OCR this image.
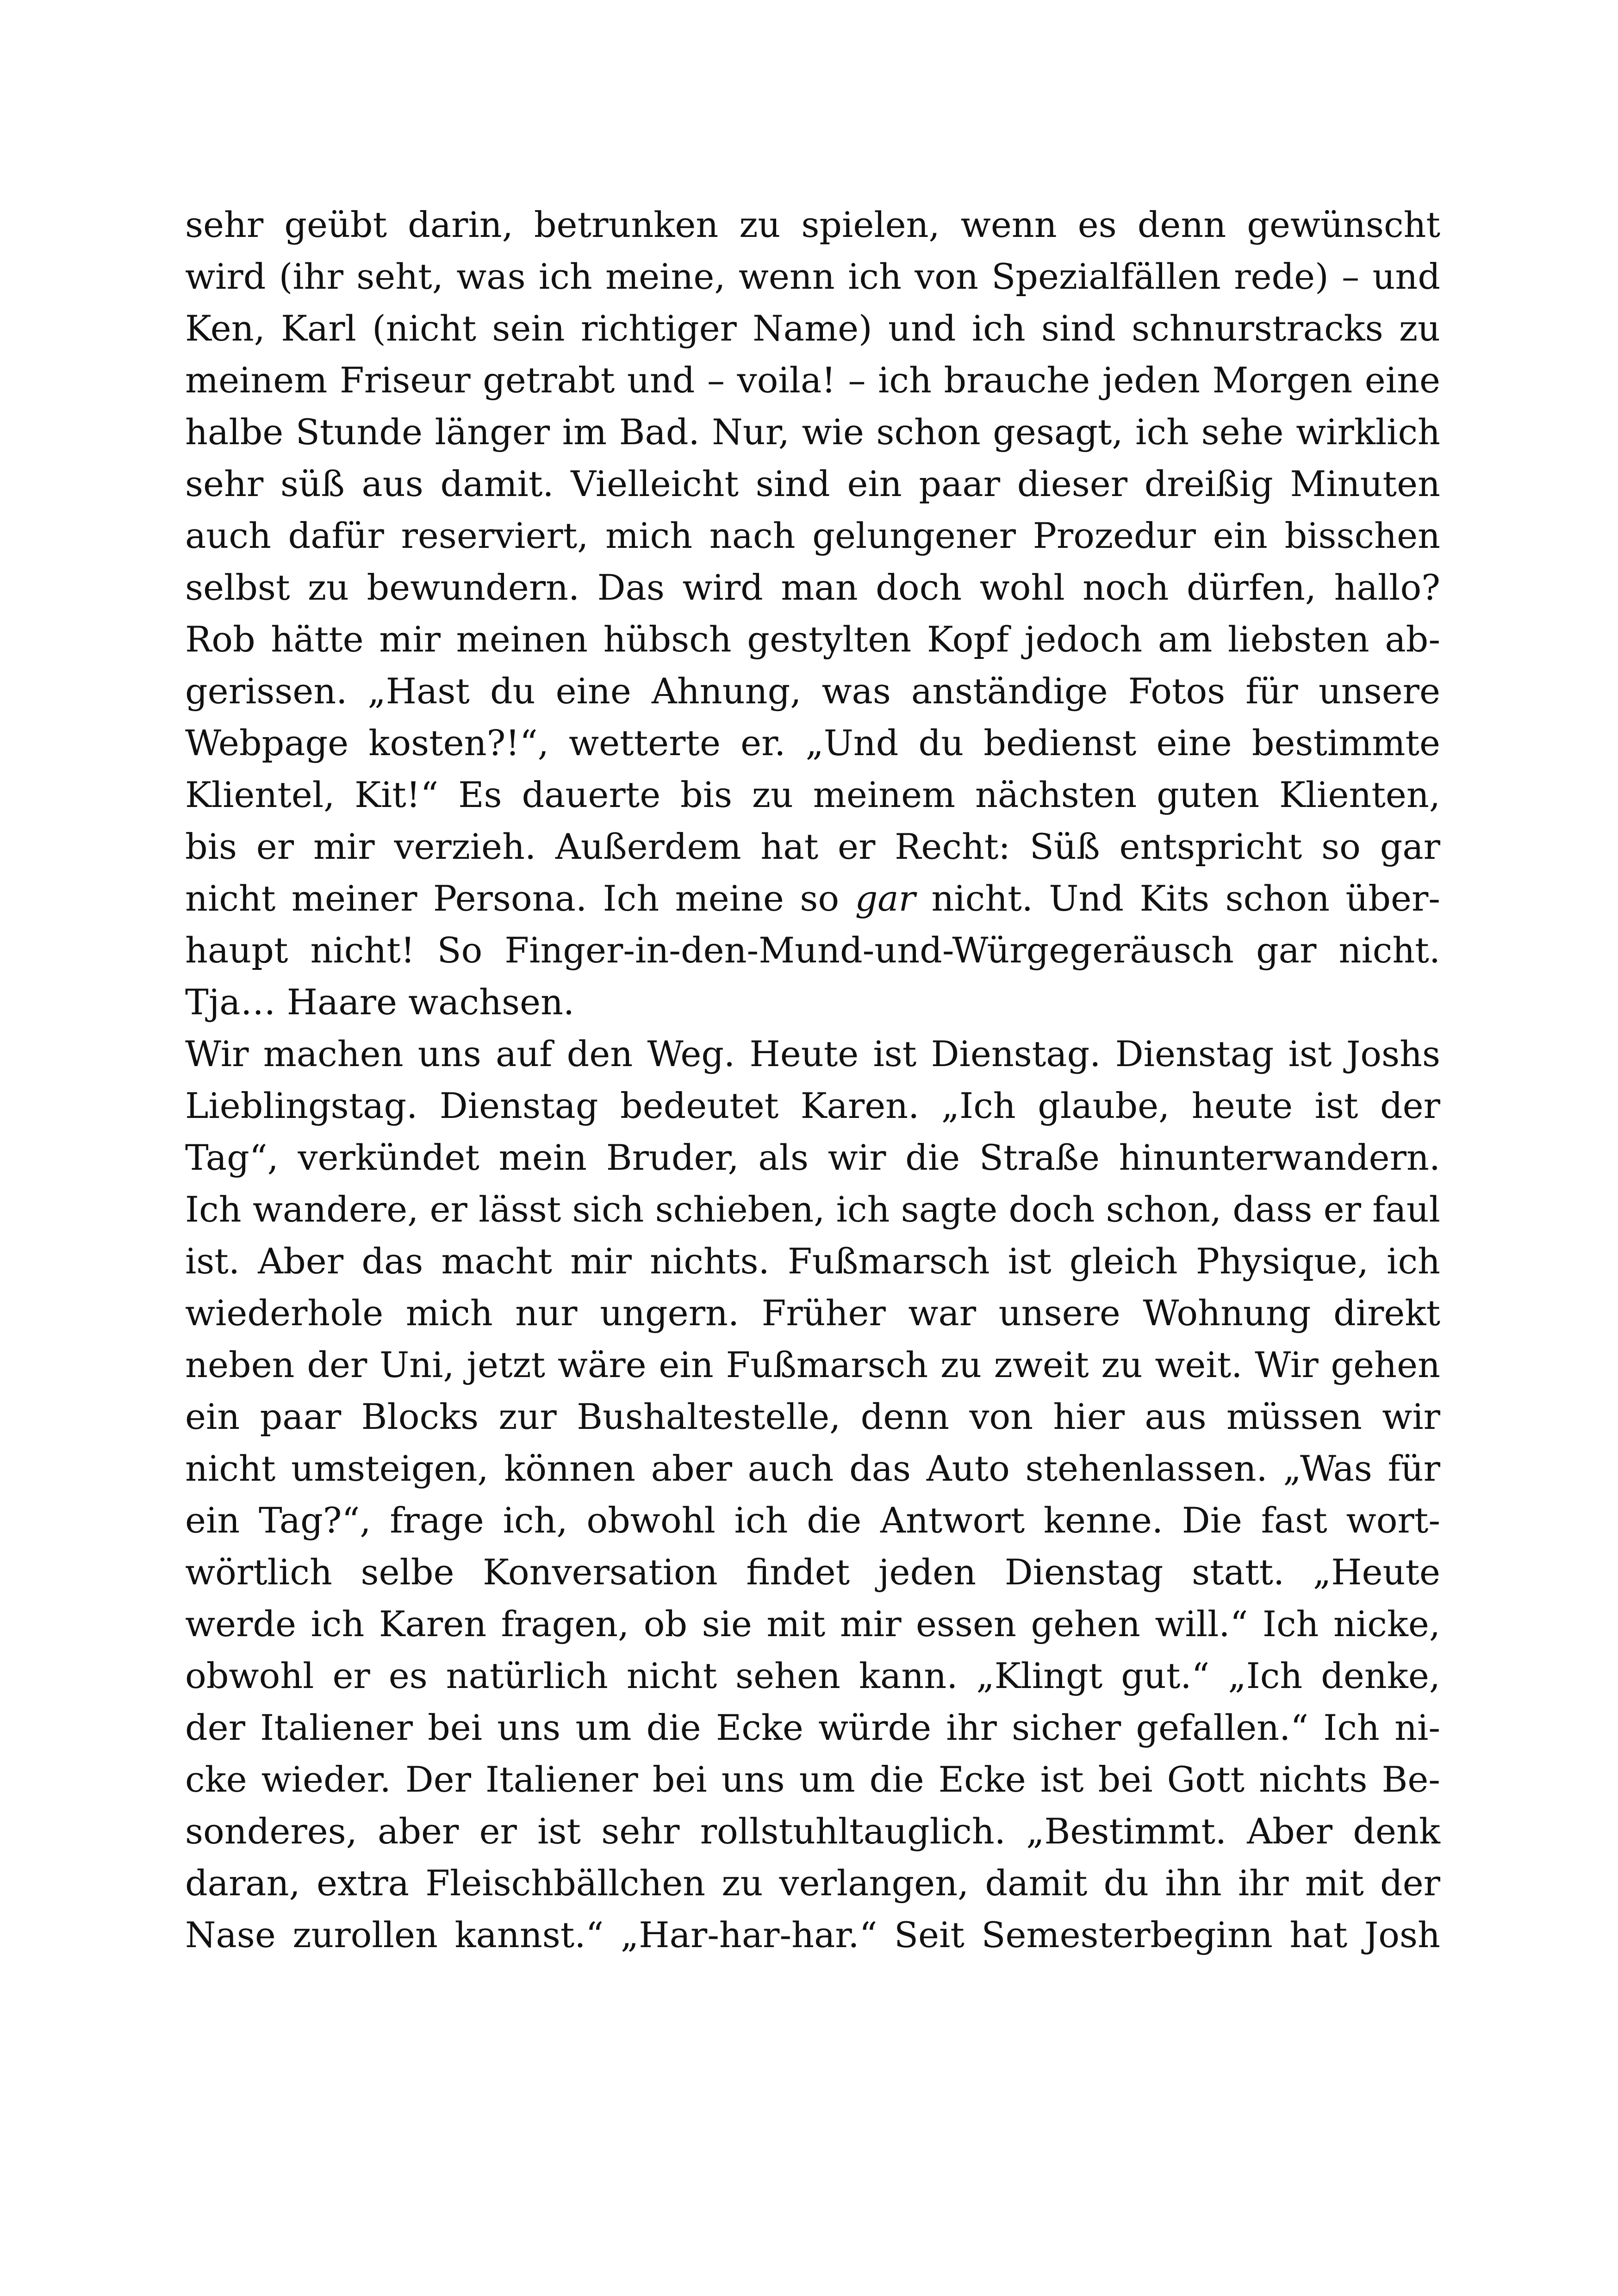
sehr geübt darin, betrunken zu spielen, wenn es denn gewünscht
wird (ihr seht, was ich meine, wenn ich von Spezialfällen rede) – und
Ken, Karl (nicht sein richtiger Name) und ich sind schnurstracks zu
meinem Friseur getrabt und – voila! – ich brauche jeden Morgen eine
halbe Stunde länger im Bad. Nur, wie schon gesagt, ich sehe wirklich
sehr süß aus damit. Vielleicht sind ein paar dieser dreißig Minuten
auch dafür reserviert, mich nach gelungener Prozedur ein bisschen
selbst zu bewundern. Das wird man doch wohl noch dürfen, hallo?
Rob hätte mir meinen hübsch gestylten Kopf jedoch am liebsten ab-
gerissen. „Hast du eine Ahnung, was anständige Fotos für unsere
Webpage kosten?!“, wetterte er. „Und du bedienst eine bestimmte
Klientel, Kit!“ Es dauerte bis zu meinem nächsten guten Klienten,
bis er mir verzieh. Außerdem hat er Recht: Süß entspricht so gar
nicht meiner Persona. Ich meine so gar nicht. Und Kits schon über-
haupt nicht! So Finger-in-den-Mund-und-Würgegeräusch gar nicht.
Tja… Haare wachsen.
Wir machen uns auf den Weg. Heute ist Dienstag. Dienstag ist Joshs
Lieblingstag. Dienstag bedeutet Karen. „Ich glaube, heute ist der
Tag“, verkündet mein Bruder, als wir die Straße hinunterwandern.
Ich wandere, er lässt sich schieben, ich sagte doch schon, dass er faul
ist. Aber das macht mir nichts. Fußmarsch ist gleich Physique, ich
wiederhole mich nur ungern. Früher war unsere Wohnung direkt
neben der Uni, jetzt wäre ein Fußmarsch zu zweit zu weit. Wir gehen
ein paar Blocks zur Bushaltestelle, denn von hier aus müssen wir
nicht umsteigen, können aber auch das Auto stehenlassen. „Was für
ein Tag?“, frage ich, obwohl ich die Antwort kenne. Die fast wort-
wörtlich selbe Konversation findet jeden Dienstag statt. „Heute
werde ich Karen fragen, ob sie mit mir essen gehen will.“ Ich nicke,
obwohl er es natürlich nicht sehen kann. „Klingt gut.“ „Ich denke,
der Italiener bei uns um die Ecke würde ihr sicher gefallen.“ Ich ni-
cke wieder. Der Italiener bei uns um die Ecke ist bei Gott nichts Be-
sonderes, aber er ist sehr rollstuhltauglich. „Bestimmt. Aber denk
daran, extra Fleischbällchen zu verlangen, damit du ihn ihr mit der
Nase zurollen kannst.“ „Har-har-har.“ Seit Semesterbeginn hat Josh
